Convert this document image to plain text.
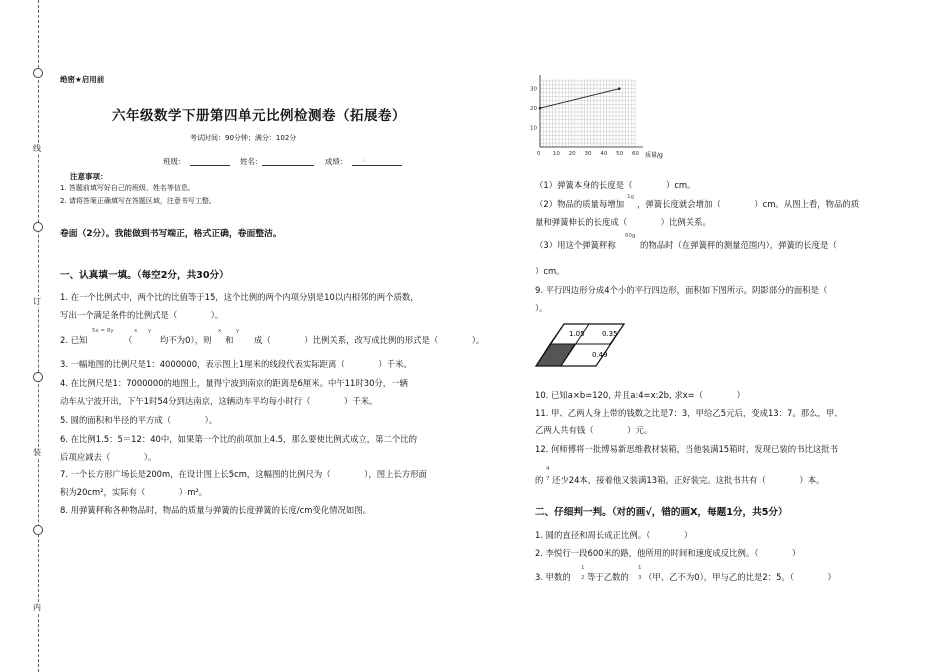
线
订
装
内
绝密★启用前
六年级数学下册第四单元比例检测卷（拓展卷）
考试时间：90分钟；满分：102分
班级：	姓名：	成绩： 。
注意事项：
1. 答题前填写好自己的班级、姓名等信息。
2. 请将答案正确填写在答题区域，注意书写工整。
卷面（2分）。我能做到书写端正，格式正确，卷面整洁。
一、认真填一填。（每空2分，共30分）
1. 在一个比例式中，两个比的比值等于15，这个比例的两个内项分别是10以内相邻的两个质数，
写出一个满足条件的比例式是（　　　　）。
2. 已知
5x = 8y
（
x y
均不为0），则
x
和
y
成（　　　　）比例关系，改写成比例的形式是（　　　　）。
3. 一幅地图的比例尺是1：4000000，表示图上1厘米的线段代表实际距离（　　　　）千米。
4. 在比例尺是1：7000000的地图上，量得宁波到南京的距离是6厘米。中午11时30分，一辆
动车从宁波开出，下午1时54分到达南京，这辆动车平均每小时行（　　　　）千米。
5. 圆的面积和半径的平方成（　　　　）。
6. 在比例1.5：5＝12：40中，如果第一个比的前项加上4.5，那么要使比例式成立，第二个比的
后项应减去（　　　　）。
7. 一个长方形广场长是200m，在设计图上长5cm，这幅图的比例尺为（　　　　），图上长方形面
积为20cm²，实际有（　　　　）m²。
8. 用弹簧秤称各种物品时，物品的质量与弹簧的长度弹簧的长度/cm变化情况如图。
0 10 20 30 40 50 60
10
20
30
质量/g
（1）弹簧本身的长度是（　　　　）cm。
（2）物品的质量每增加
1g
，弹簧长度就会增加（　　　　）cm。从图上看，物品的质
量和弹簧伸长的长度成（　　　　）比例关系。
（3）用这个弹簧秤称
60g
的物品时（在弹簧秤的测量范围内），弹簧的长度是（
）cm。
9. 平行四边形分成4个小的平行四边形，面积如下图所示。阴影部分的面积是（
）。
1.05 0.35
0.49
10. 已知a×b=120, 并且a:4=x:2b, 求x=（　　　　）
11. 甲、乙两人身上带的钱数之比是7：3，甲给乙5元后，变成13：7。那么，甲、
乙两人共有钱（　　　　）元。
12. 何师傅将一批博易新思维教材装箱，当他装满15箱时，发现已装的书比这批书
的
4
7 还少24本，接着他又装满13箱，正好装完。这批书共有（　　　　）本。
二、仔细判一判。（对的画√，错的画X，每题1分，共5分）
1. 圆的直径和周长成正比例。（　　　　）
2. 李悦行一段600米的路，他所用的时间和速度成反比例。（　　　　）
3. 甲数的
1
2 等于乙数的
1
3 （甲、乙不为0），甲与乙的比是2：5。（　　　　）
